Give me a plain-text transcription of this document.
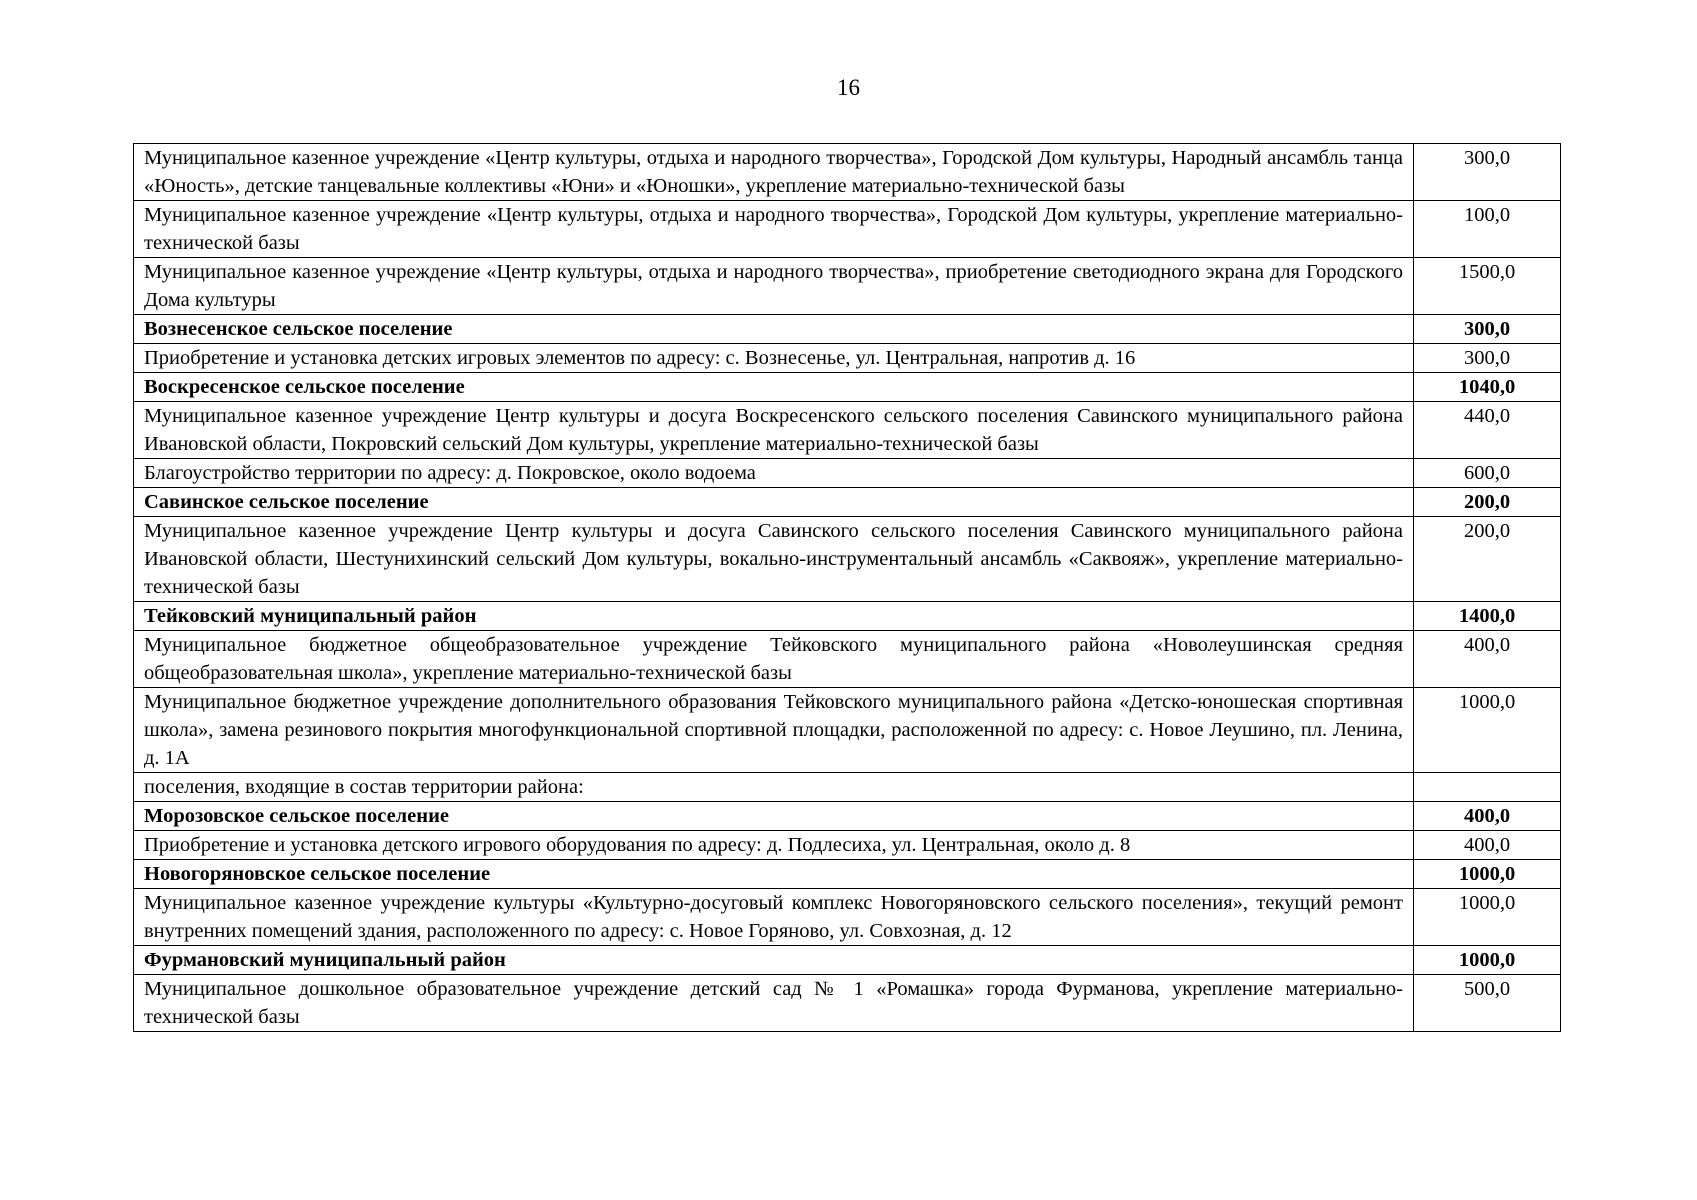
16
Муниципальное казенное учреждение «Центр культуры, отдыха и народного творчества», Городской Дом культуры, Народный ансамбль танца «Юность», детские танцевальные коллективы «Юни» и «Юношки», укрепление материально-технической базы	300,0
Муниципальное казенное учреждение «Центр культуры, отдыха и народного творчества», Городской Дом культуры, укрепление материально-технической базы	100,0
Муниципальное казенное учреждение «Центр культуры, отдыха и народного творчества», приобретение светодиодного экрана для Городского Дома культуры	1500,0
Вознесенское сельское поселение	300,0
Приобретение и установка детских игровых элементов по адресу: с. Вознесенье, ул. Центральная, напротив д. 16	300,0
Воскресенское сельское поселение	1040,0
Муниципальное казенное учреждение Центр культуры и досуга Воскресенского сельского поселения Савинского муниципального района Ивановской области, Покровский сельский Дом культуры, укрепление материально-технической базы	440,0
Благоустройство территории по адресу: д. Покровское, около водоема	600,0
Савинское сельское поселение	200,0
Муниципальное казенное учреждение Центр культуры и досуга Савинского сельского поселения Савинского муниципального района Ивановской области, Шестунихинский сельский Дом культуры, вокально-инструментальный ансамбль «Саквояж», укрепление материально-технической базы	200,0
Тейковский муниципальный район	1400,0
Муниципальное бюджетное общеобразовательное учреждение Тейковского муниципального района «Новолеушинская средняя общеобразовательная школа», укрепление материально-технической базы	400,0
Муниципальное бюджетное учреждение дополнительного образования Тейковского муниципального района «Детско-юношеская спортивная школа», замена резинового покрытия многофункциональной спортивной площадки, расположенной по адресу: с. Новое Леушино, пл. Ленина, д. 1А	1000,0
поселения, входящие в состав территории района:	
Морозовское сельское поселение	400,0
Приобретение и установка детского игрового оборудования по адресу: д. Подлесиха, ул. Центральная, около д. 8	400,0
Новогоряновское сельское поселение	1000,0
Муниципальное казенное учреждение культуры «Культурно-досуговый комплекс Новогоряновского сельского поселения», текущий ремонт внутренних помещений здания, расположенного по адресу: с. Новое Горяново, ул. Совхозная, д. 12	1000,0
Фурмановский муниципальный район	1000,0
Муниципальное дошкольное образовательное учреждение детский сад № 1 «Ромашка» города Фурманова, укрепление материально- технической базы	500,0
